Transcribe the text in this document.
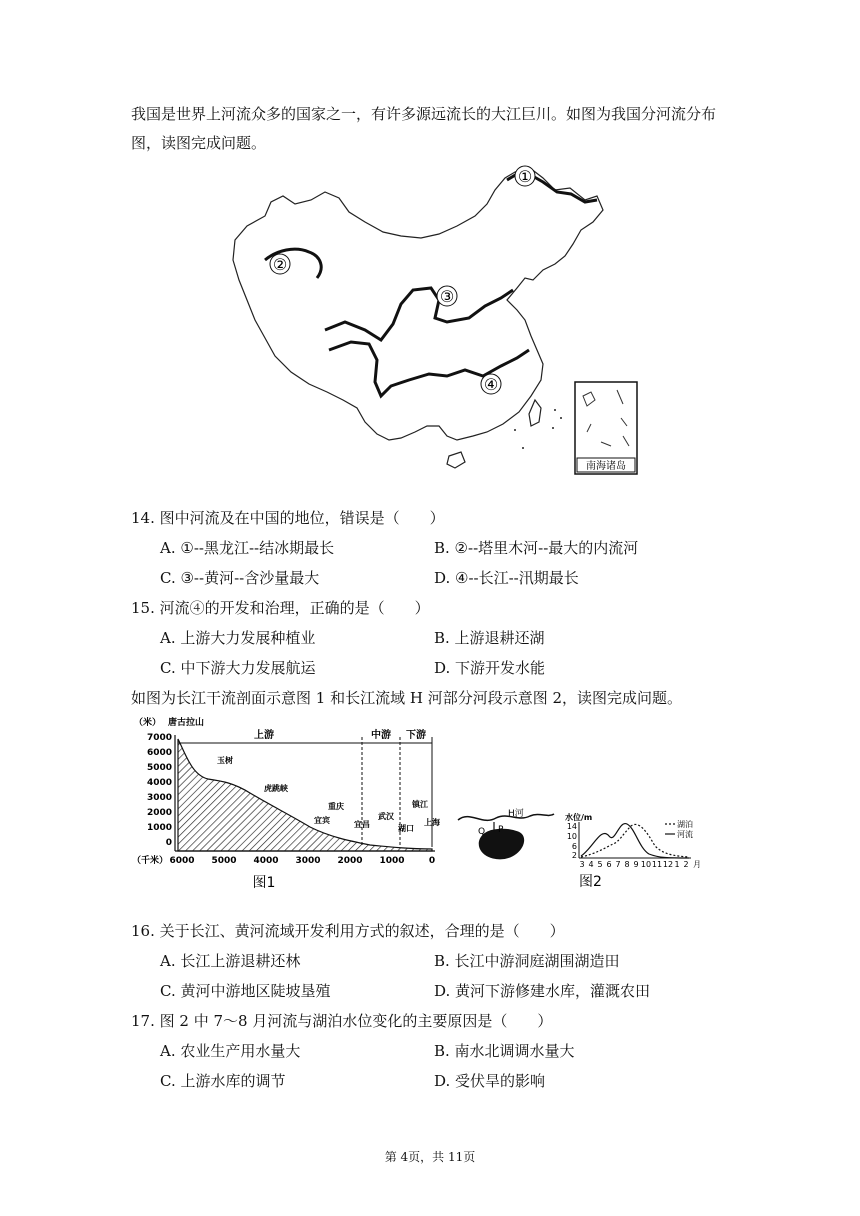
我国是世界上河流众多的国家之一，有许多源远流长的大江巨川。如图为我国分河流分布图，读图完成问题。

①
②
③
④
南海诸岛
14. 图中河流及在中国的地位，错误是（　　）
A. ①--黑龙江--结冰期最长	B. ②--塔里木河--最大的内流河
C. ③--黄河--含沙量最大	D. ④--长江--汛期最长
15. 河流④的开发和治理，正确的是（　　）
A. 上游大力发展种植业	B. 上游退耕还湖
C. 中下游大力发展航运	D. 下游开发水能
如图为长江干流剖面示意图 1 和长江流域 H 河部分河段示意图 2，读图完成问题。
（米） 唐古拉山
7000
6000
5000
4000
3000
2000
1000
0
上游	中游 下游
玉树
虎跳峡
宜宾
重庆
宜昌
武汉
湖口
镇江
上海
（千米） 6000 5000 4000 3000 2000 1000	0
图1
Q P
H河	水位/m
14
10
6
2
湖泊
河流
3 4 5 6 7 8 9 10 11 12 1 2 月
图2
16. 关于长江、黄河流域开发利用方式的叙述，合理的是（　　）
A. 长江上游退耕还林	B. 长江中游洞庭湖围湖造田
C. 黄河中游地区陡坡垦殖	D. 黄河下游修建水库，灌溉农田
17. 图 2 中 7～8 月河流与湖泊水位变化的主要原因是（　　）
A. 农业生产用水量大	B. 南水北调调水量大
C. 上游水库的调节	D. 受伏旱的影响
第 4页，共 11页
